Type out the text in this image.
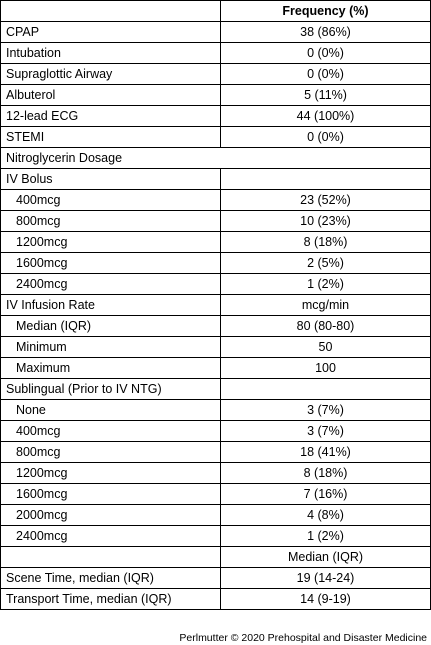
	Frequency (%)
CPAP	38 (86%)
Intubation	0 (0%)
Supraglottic Airway	0 (0%)
Albuterol	5 (11%)
12-lead ECG	44 (100%)
STEMI	0 (0%)
Nitroglycerin Dosage	
IV Bolus	
400mcg	23 (52%)
800mcg	10 (23%)
1200mcg	8 (18%)
1600mcg	2 (5%)
2400mcg	1 (2%)
IV Infusion Rate	mcg/min
Median (IQR)	80 (80-80)
Minimum	50
Maximum	100
Sublingual (Prior to IV NTG)	
None	3 (7%)
400mcg	3 (7%)
800mcg	18 (41%)
1200mcg	8 (18%)
1600mcg	7 (16%)
2000mcg	4 (8%)
2400mcg	1 (2%)
	Median (IQR)
Scene Time, median (IQR)	19 (14-24)
Transport Time, median (IQR)	14 (9-19)
Perlmutter © 2020 Prehospital and Disaster Medicine
